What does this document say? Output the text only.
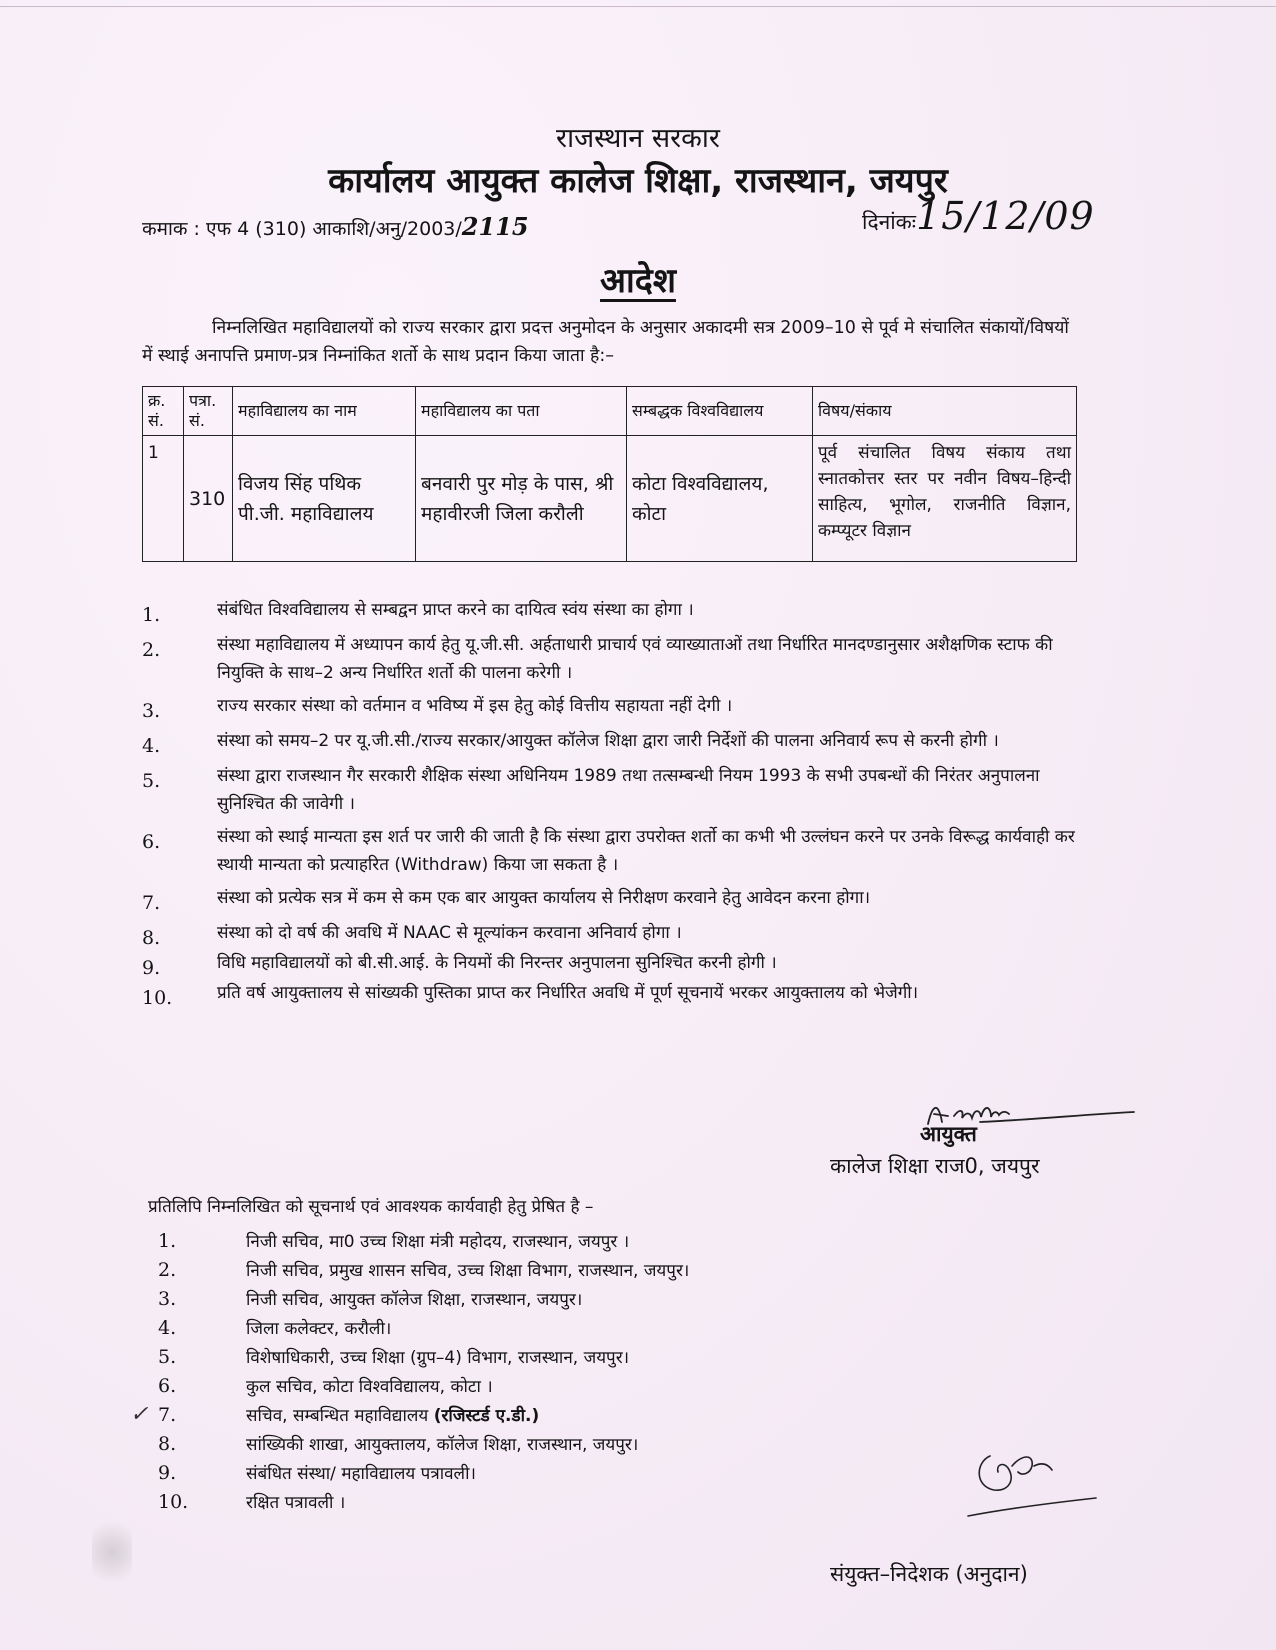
राजस्थान सरकार
कार्यालय आयुक्त कालेज शिक्षा, राजस्थान, जयपुर
कमाक : एफ 4 (310) आकाशि/अनु/2003/2115	दिनांकः15/12/09
आदेश
निम्नलिखित महाविद्यालयों को राज्य सरकार द्वारा प्रदत्त अनुमोदन के अनुसार अकादमी सत्र 2009–10 से पूर्व मे संचालित संकायों/विषयों में स्थाई अनापत्ति प्रमाण-प्रत्र निम्नांकित शर्तो के साथ प्रदान किया जाता है:–
क्र. सं.	पत्रा. सं.	महाविद्यालय का नाम	महाविद्यालय का पता	सम्बद्धक विश्वविद्यालय	विषय/संकाय
1	310	विजय सिंह पथिक पी.जी. महाविद्यालय	बनवारी पुर मोड़ के पास, श्री महावीरजी जिला करौली	कोटा विश्वविद्यालय, कोटा	पूर्व संचालित विषय संकाय तथा स्नातकोत्तर स्तर पर नवीन विषय–हिन्दी साहित्य, भूगोल, राजनीति विज्ञान, कम्प्यूटर विज्ञान
1.	संबंधित विश्वविद्यालय से सम्बद्वन प्राप्त करने का दायित्व स्वंय संस्था का होगा ।
2.	संस्था महाविद्यालय में अध्यापन कार्य हेतु यू.जी.सी. अर्हताधारी प्राचार्य एवं व्याख्याताओं तथा निर्धारित मानदण्डानुसार अशैक्षणिक स्टाफ की नियुक्ति के साथ–2 अन्य निर्धारित शर्तो की पालना करेगी ।
3.	राज्य सरकार संस्था को वर्तमान व भविष्य में इस हेतु कोई वित्तीय सहायता नहीं देगी ।
4.	संस्था को समय–2 पर यू.जी.सी./राज्य सरकार/आयुक्त कॉलेज शिक्षा द्वारा जारी निर्देशों की पालना अनिवार्य रूप से करनी होगी ।
5.	संस्था द्वारा राजस्थान गैर सरकारी शैक्षिक संस्था अधिनियम 1989 तथा तत्सम्बन्धी नियम 1993 के सभी उपबन्धों की निरंतर अनुपालना सुनिश्चित की जावेगी ।
6.	संस्था को स्थाई मान्यता इस शर्त पर जारी की जाती है कि संस्था द्वारा उपरोक्त शर्तो का कभी भी उल्लंघन करने पर उनके विरूद्ध कार्यवाही कर स्थायी मान्यता को प्रत्याहरित (Withdraw) किया जा सकता है ।
7.	संस्था को प्रत्येक सत्र में कम से कम एक बार आयुक्त कार्यालय से निरीक्षण करवाने हेतु आवेदन करना होगा।
8.	संस्था को दो वर्ष की अवधि में NAAC से मूल्यांकन करवाना अनिवार्य होगा ।
9.	विधि महाविद्यालयों को बी.सी.आई. के नियमों की निरन्तर अनुपालना सुनिश्चित करनी होगी ।
10.	प्रति वर्ष आयुक्तालय से सांख्यकी पुस्तिका प्राप्त कर निर्धारित अवधि में पूर्ण सूचनायें भरकर आयुक्तालय को भेजेगी।
आयुक्त
कालेज शिक्षा राज0, जयपुर
प्रतिलिपि निम्नलिखित को सूचनार्थ एवं आवश्यक कार्यवाही हेतु प्रेषित है –
✓
1.	निजी सचिव, मा0 उच्च शिक्षा मंत्री महोदय, राजस्थान, जयपुर ।
2.	निजी सचिव, प्रमुख शासन सचिव, उच्च शिक्षा विभाग, राजस्थान, जयपुर।
3.	निजी सचिव, आयुक्त कॉलेज शिक्षा, राजस्थान, जयपुर।
4.	जिला कलेक्टर, करौली।
5.	विशेषाधिकारी, उच्च शिक्षा (ग्रुप–4) विभाग, राजस्थान, जयपुर।
6.	कुल सचिव, कोटा विश्वविद्यालय, कोटा ।
7.	सचिव, सम्बन्धित महाविद्यालय (रजिस्टर्ड ए.डी.)
8.	सांख्यिकी शाखा, आयुक्तालय, कॉलेज शिक्षा, राजस्थान, जयपुर।
9.	संबंधित संस्था/ महाविद्यालय पत्रावली।
10.	रक्षित पत्रावली ।
संयुक्त–निदेशक (अनुदान)
